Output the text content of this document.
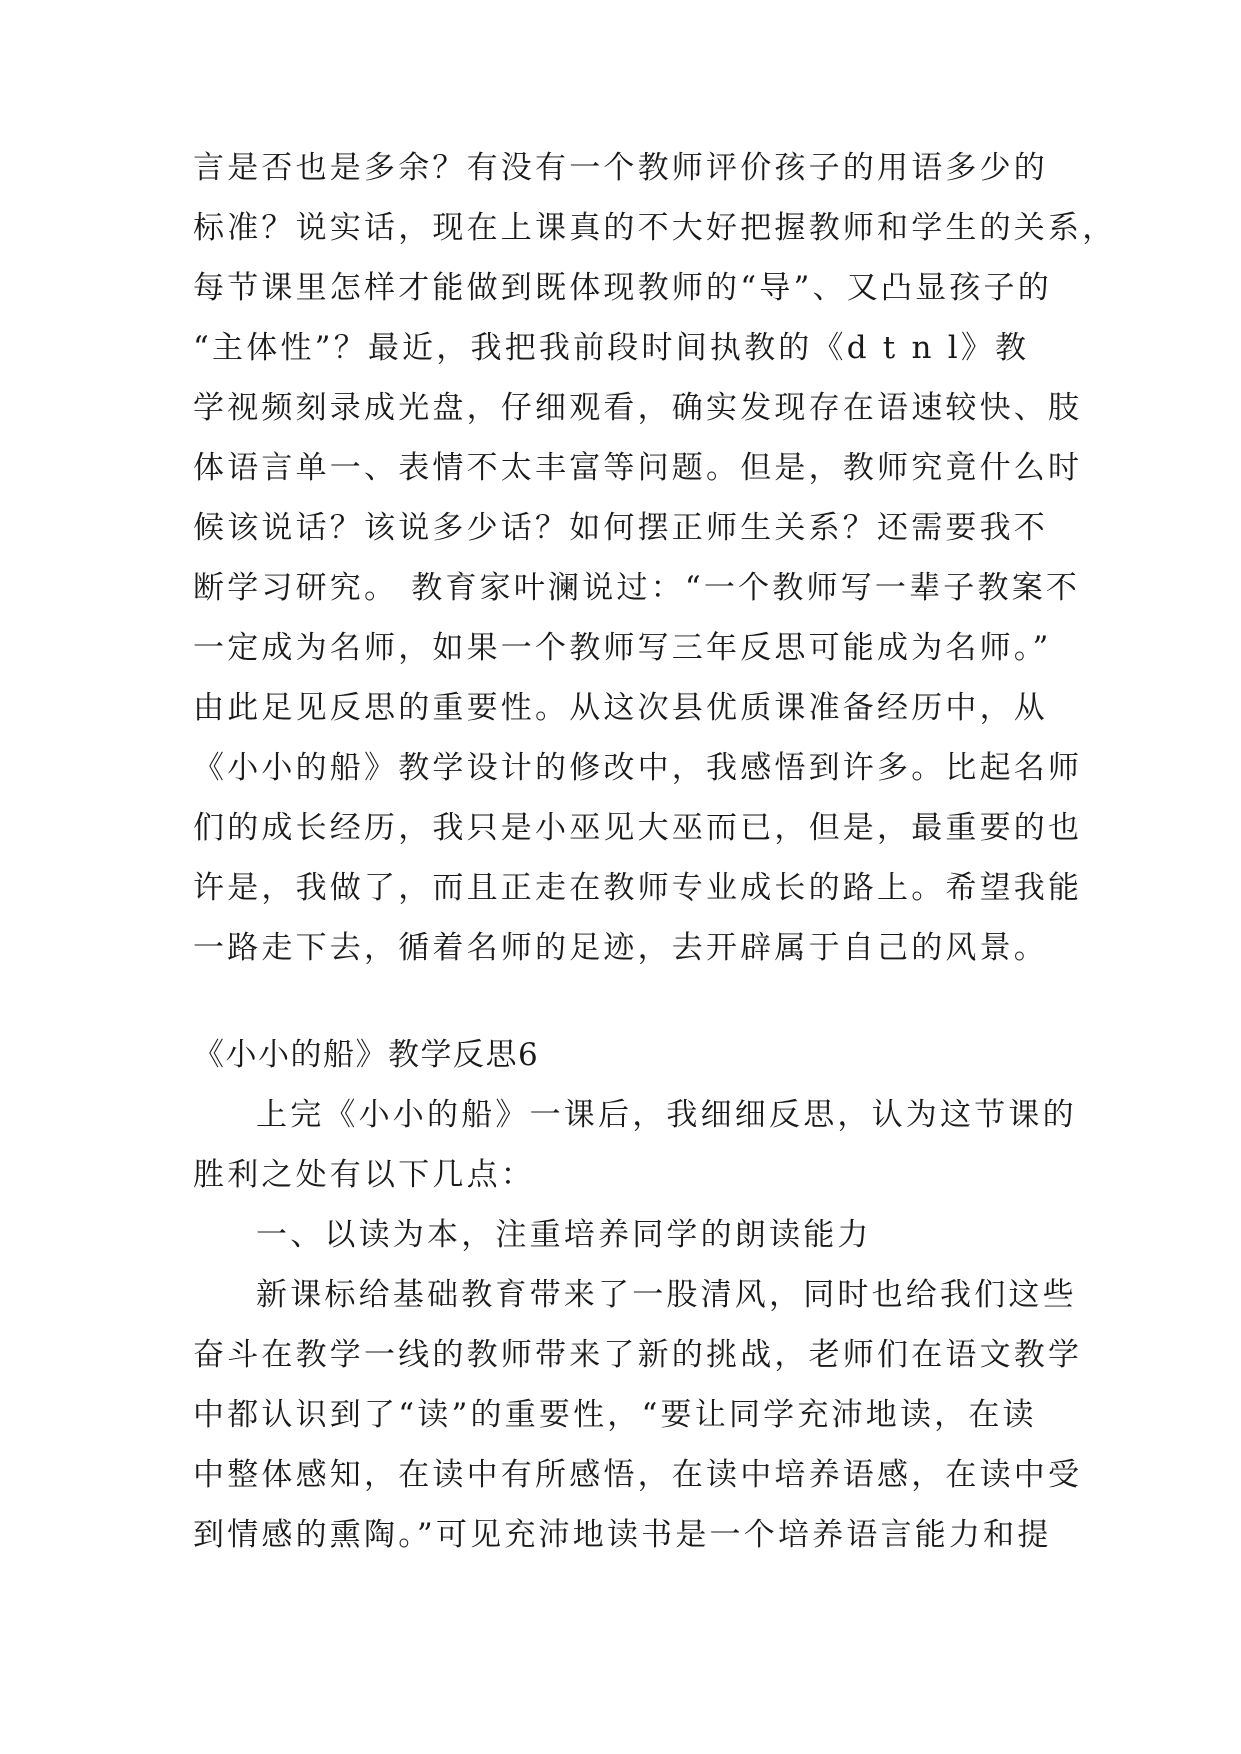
言是否也是多余？有没有一个教师评价孩子的用语多少的
标准？说实话，现在上课真的不大好把握教师和学生的关系，
每节课里怎样才能做到既体现教师的“导”、又凸显孩子的
“主体性”？最近，我把我前段时间执教的《d t n l》教
学视频刻录成光盘，仔细观看，确实发现存在语速较快、肢
体语言单一、表情不太丰富等问题。但是，教师究竟什么时
候该说话？该说多少话？如何摆正师生关系？还需要我不
断学习研究。 教育家叶澜说过：“一个教师写一辈子教案不
一定成为名师，如果一个教师写三年反思可能成为名师。”
由此足见反思的重要性。从这次县优质课准备经历中，从
《小小的船》教学设计的修改中，我感悟到许多。比起名师
们的成长经历，我只是小巫见大巫而已，但是，最重要的也
许是，我做了，而且正走在教师专业成长的路上。希望我能
一路走下去，循着名师的足迹，去开辟属于自己的风景。
《小小的船》教学反思6
上完《小小的船》一课后，我细细反思，认为这节课的
胜利之处有以下几点：
一、以读为本，注重培养同学的朗读能力
新课标给基础教育带来了一股清风，同时也给我们这些
奋斗在教学一线的教师带来了新的挑战，老师们在语文教学
中都认识到了“读”的重要性，“要让同学充沛地读，在读
中整体感知，在读中有所感悟，在读中培养语感，在读中受
到情感的熏陶。”可见充沛地读书是一个培养语言能力和提
